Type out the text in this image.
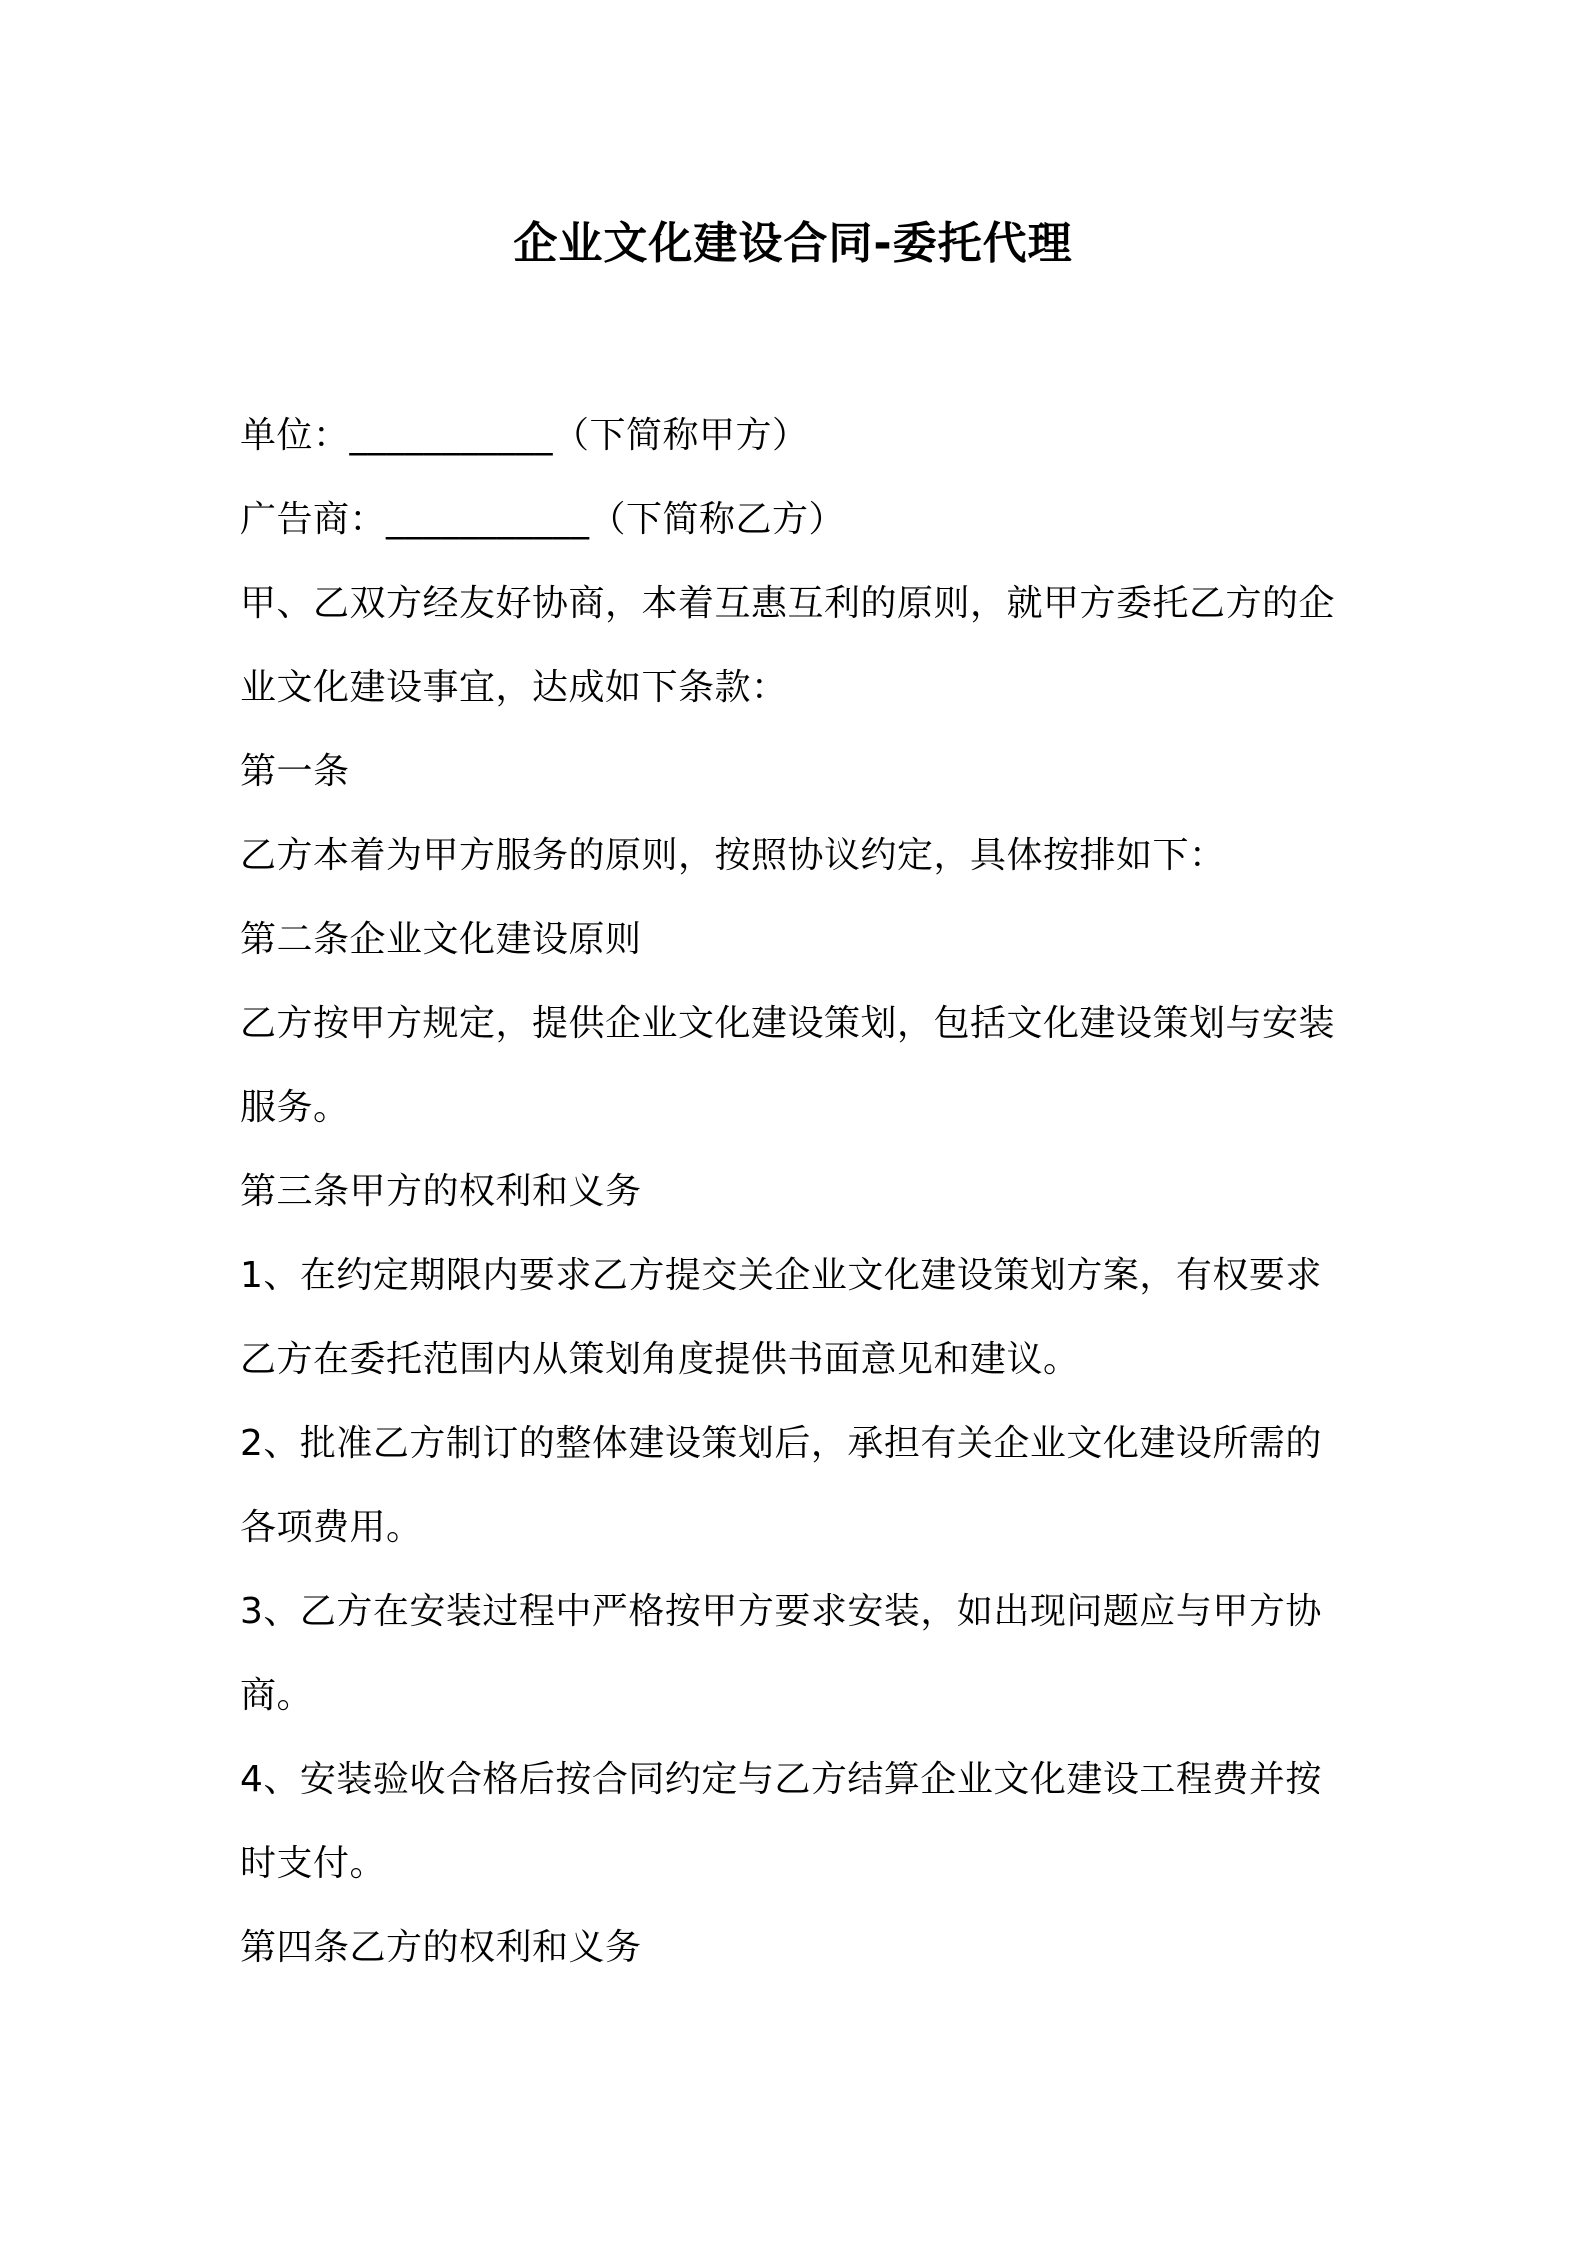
企业文化建设合同-委托代理
单位：___________（下简称甲方）
广告商：___________（下简称乙方）
甲、乙双方经友好协商，本着互惠互利的原则，就甲方委托乙方的企
业文化建设事宜，达成如下条款：
第一条
乙方本着为甲方服务的原则，按照协议约定，具体按排如下：
第二条企业文化建设原则
乙方按甲方规定，提供企业文化建设策划，包括文化建设策划与安装
服务。
第三条甲方的权利和义务
1、在约定期限内要求乙方提交关企业文化建设策划方案，有权要求
乙方在委托范围内从策划角度提供书面意见和建议。
2、批准乙方制订的整体建设策划后，承担有关企业文化建设所需的
各项费用。
3、乙方在安装过程中严格按甲方要求安装，如出现问题应与甲方协
商。
4、安装验收合格后按合同约定与乙方结算企业文化建设工程费并按
时支付。
第四条乙方的权利和义务
